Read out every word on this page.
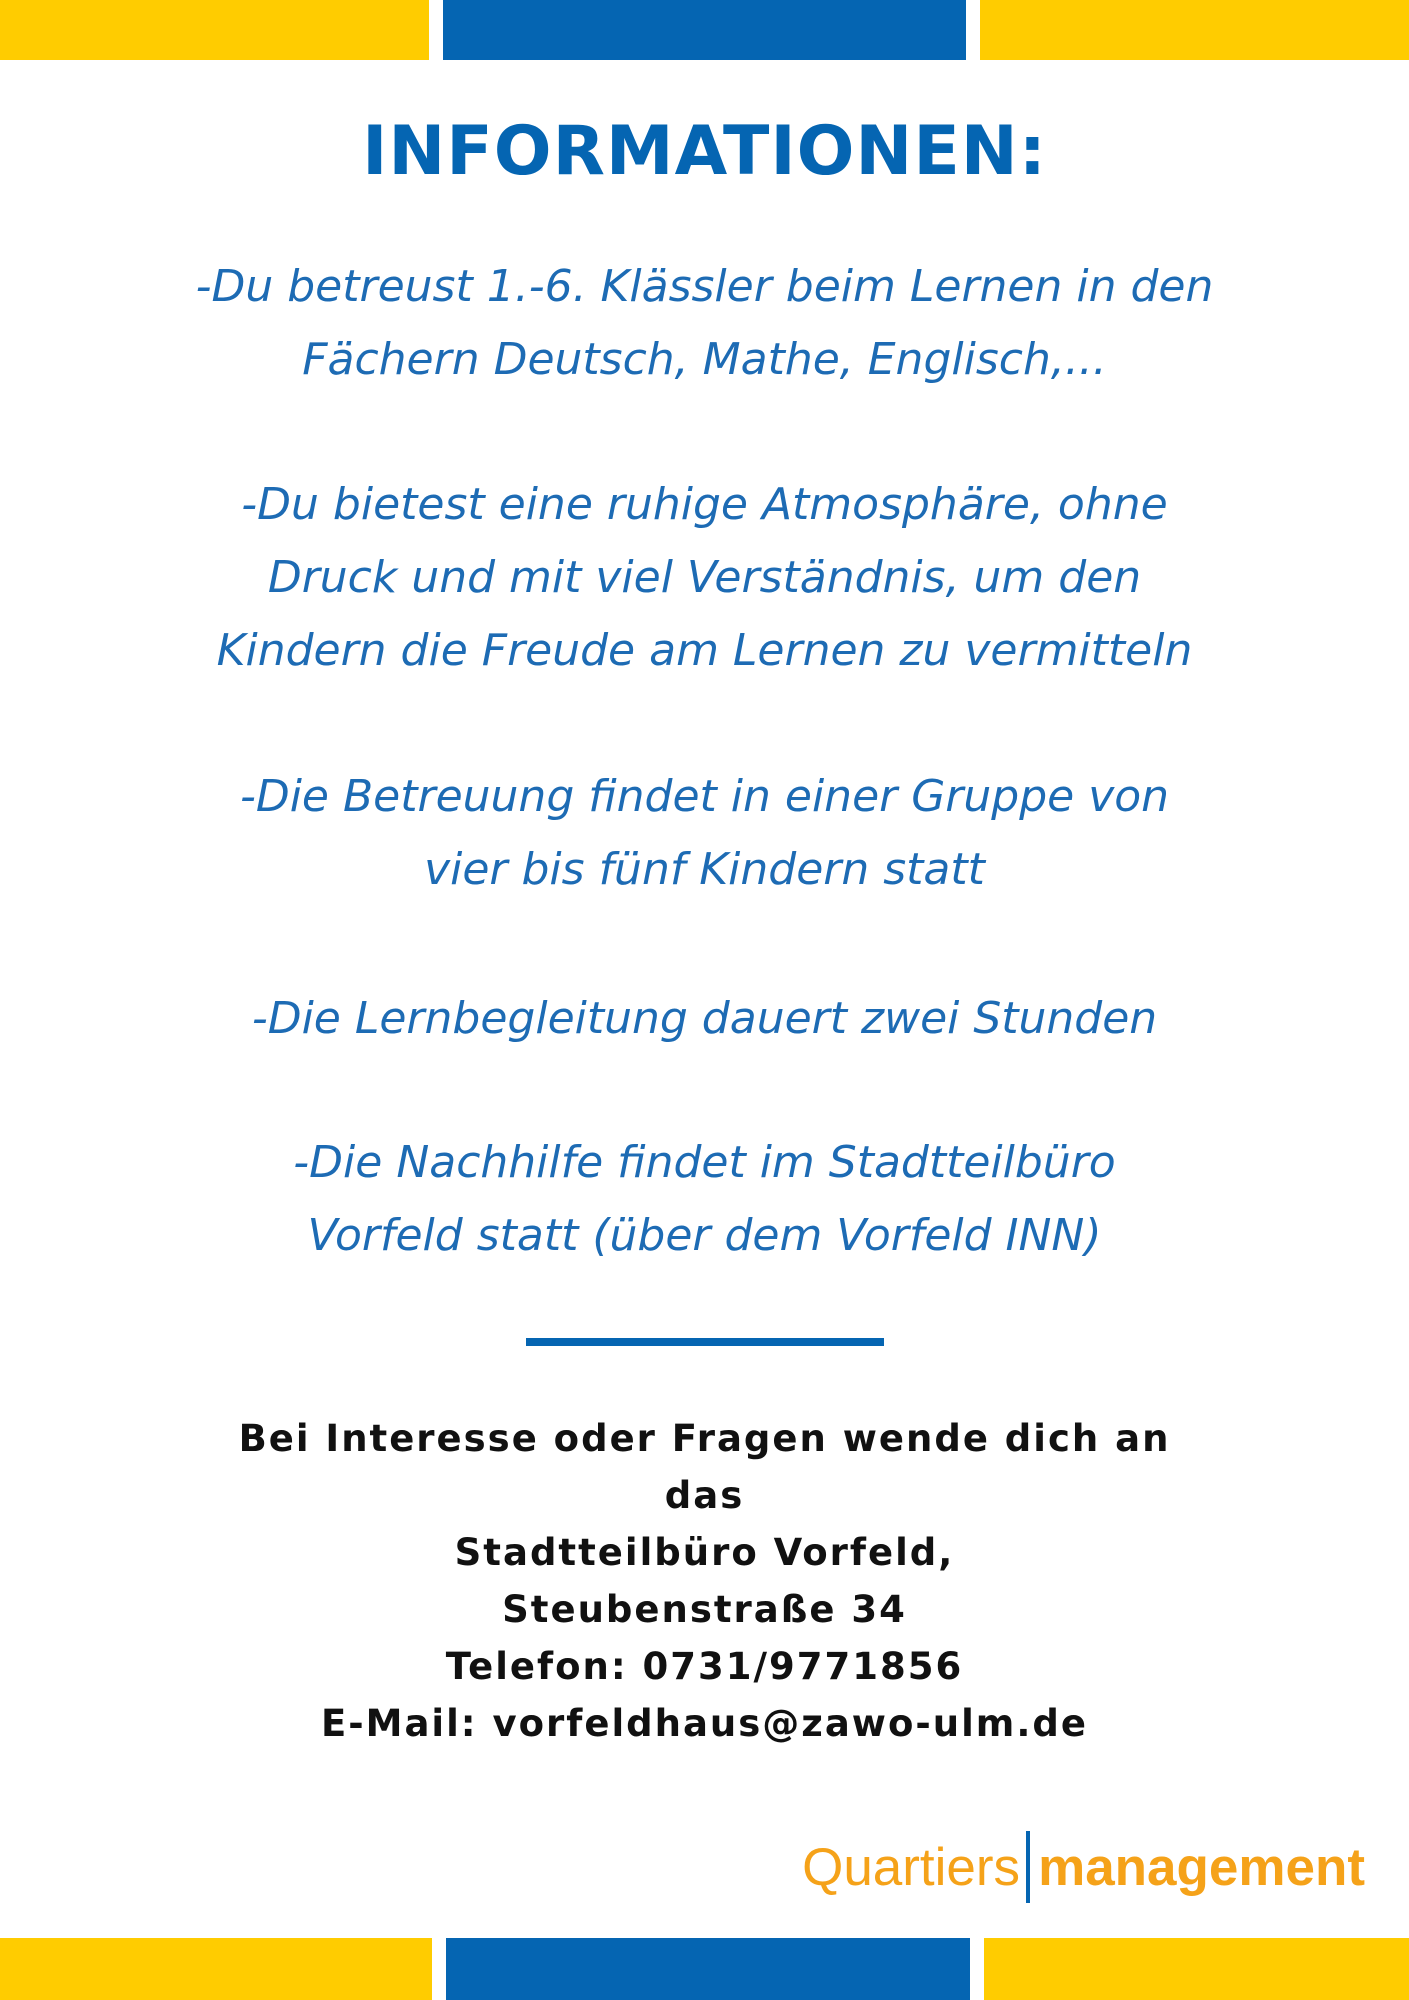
INFORMATIONEN:

-Du betreust 1.-6. Klässler beim Lernen in den
Fächern Deutsch, Mathe, Englisch,...

-Du bietest eine ruhige Atmosphäre, ohne
Druck und mit viel Verständnis, um den
Kindern die Freude am Lernen zu vermitteln

-Die Betreuung findet in einer Gruppe von
vier bis fünf Kindern statt

-Die Lernbegleitung dauert zwei Stunden

-Die Nachhilfe findet im Stadtteilbüro
Vorfeld statt (über dem Vorfeld INN)

Bei Interesse oder Fragen wende dich an
das
Stadtteilbüro Vorfeld,
Steubenstraße 34
Telefon: 0731/9771856
E-Mail: vorfeldhaus@zawo-ulm.de
Quartiers management
